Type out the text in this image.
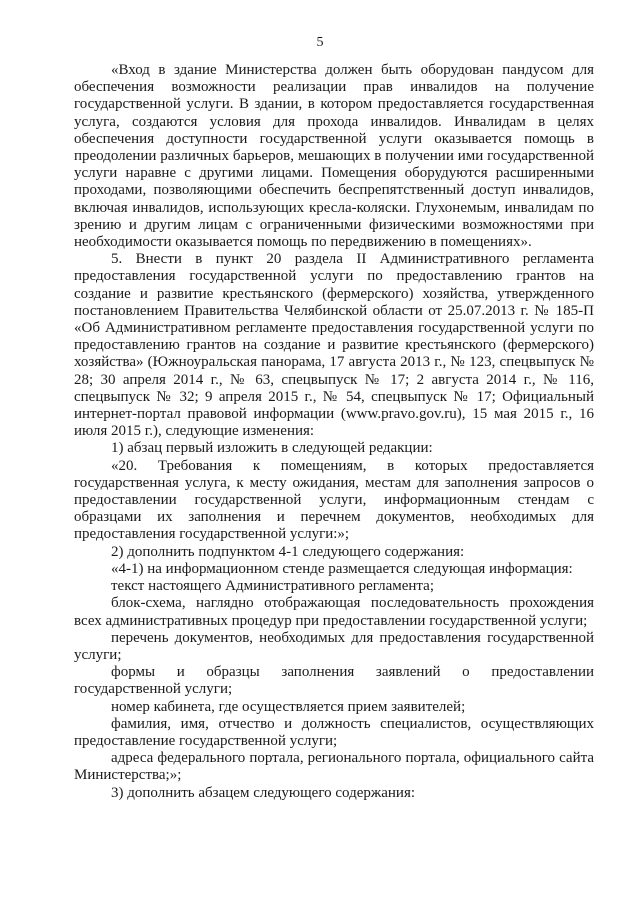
5

«Вход в здание Министерства должен быть оборудован пандусом для обеспечения возможности реализации прав инвалидов на получение государственной услуги. В здании, в котором предоставляется государственная услуга, создаются условия для прохода инвалидов. Инвалидам в целях обеспечения доступности государственной услуги оказывается помощь в преодолении различных барьеров, мешающих в получении ими государственной услуги наравне с другими лицами. Помещения оборудуются расширенными проходами, позволяющими обеспечить беспрепятственный доступ инвалидов, включая инвалидов, использующих кресла-коляски. Глухонемым, инвалидам по зрению и другим лицам с ограниченными физическими возможностями при необходимости оказывается помощь по передвижению в помещениях».

5. Внести в пункт 20 раздела II Административного регламента предоставления государственной услуги по предоставлению грантов на создание и развитие крестьянского (фермерского) хозяйства, утвержденного постановлением Правительства Челябинской области от 25.07.2013 г. № 185-П «Об Административном регламенте предоставления государственной услуги по предоставлению грантов на создание и развитие крестьянского (фермерского) хозяйства» (Южноуральская панорама, 17 августа 2013 г., № 123, спецвыпуск № 28; 30 апреля 2014 г., № 63, спецвыпуск № 17; 2 августа 2014 г., № 116, спецвыпуск № 32; 9 апреля 2015 г., № 54, спецвыпуск № 17; Официальный интернет-портал правовой информации (www.pravo.gov.ru), 15 мая 2015 г., 16 июля 2015 г.), следующие изменения:

1) абзац первый изложить в следующей редакции:

«20. Требования к помещениям, в которых предоставляется государственная услуга, к месту ожидания, местам для заполнения запросов о предоставлении государственной услуги, информационным стендам с образцами их заполнения и перечнем документов, необходимых для предоставления государственной услуги:»;

2) дополнить подпунктом 4-1 следующего содержания:

«4-1) на информационном стенде размещается следующая информация:

текст настоящего Административного регламента;

блок-схема, наглядно отображающая последовательность прохождения всех административных процедур при предоставлении государственной услуги;

перечень документов, необходимых для предоставления государственной услуги;

формы и образцы заполнения заявлений о предоставлении государственной услуги;

номер кабинета, где осуществляется прием заявителей;

фамилия, имя, отчество и должность специалистов, осуществляющих предоставление государственной услуги;

адреса федерального портала, регионального портала, официального сайта Министерства;»;

3) дополнить абзацем следующего содержания:
